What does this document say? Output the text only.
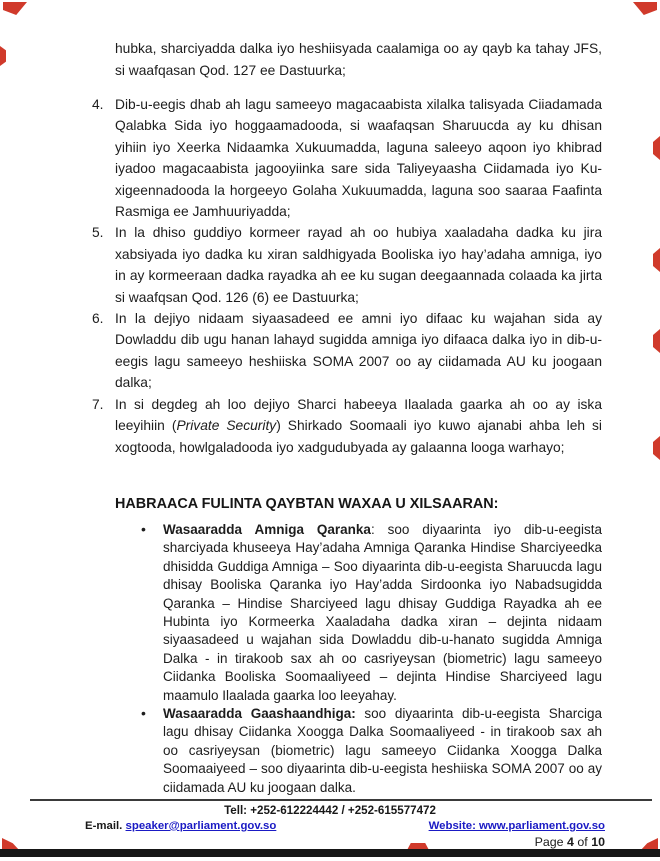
hubka, sharciyadda dalka iyo heshiisyada caalamiga oo ay qayb ka tahay JFS, si waafqasan Qod. 127 ee Dastuurka;

4. Dib-u-eegis dhab ah lagu sameeyo magacaabista xilalka talisyada Ciiadamada Qalabka Sida iyo hoggaamadooda, si waafaqsan Sharuucda ay ku dhisan yihiin iyo Xeerka Nidaamka Xukuumadda, laguna saleeyo aqoon iyo khibrad iyadoo magacaabista jagooyiinka sare sida Taliyeyaasha Ciidamada iyo Ku-xigeennadooda la horgeeyo Golaha Xukuumadda, laguna soo saaraa Faafinta Rasmiga ee Jamhuuriyadda;
5. In la dhiso guddiyo kormeer rayad ah oo hubiya xaaladaha dadka ku jira xabsiyada iyo dadka ku xiran saldhigyada Booliska iyo hay’adaha amniga, iyo in ay kormeeraan dadka rayadka ah ee ku sugan deegaannada colaada ka jirta si waafqsan Qod. 126 (6) ee Dastuurka;
6. In la dejiyo nidaam siyaasadeed ee amni iyo difaac ku wajahan sida ay Dowladdu dib ugu hanan lahayd sugidda amniga iyo difaaca dalka iyo in dib-u-eegis lagu sameeyo heshiiska SOMA 2007 oo ay ciidamada AU ku joogaan dalka;
7. In si degdeg ah loo dejiyo Sharci habeeya Ilaalada gaarka ah oo ay iska leeyihiin (Private Security) Shirkado Soomaali iyo kuwo ajanabi ahba leh si xogtooda, howlgaladooda iyo xadgudubyada ay galaanna looga warhayo;
HABRAACA FULINTA QAYBTAN WAXAA U XILSAARAN:
• Wasaaradda Amniga Qaranka: soo diyaarinta iyo dib-u-eegista sharciyada khuseeya Hay’adaha Amniga Qaranka Hindise Sharciyeedka dhisidda Guddiga Amniga – Soo diyaarinta dib-u-eegista Sharuucda lagu dhisay Booliska Qaranka iyo Hay’adda Sirdoonka iyo Nabadsugidda Qaranka – Hindise Sharciyeed lagu dhisay Guddiga Rayadka ah ee Hubinta iyo Kormeerka Xaaladaha dadka xiran – dejinta nidaam siyaasadeed u wajahan sida Dowladdu dib-u-hanato sugidda Amniga Dalka - in tirakoob sax ah oo casriyeysan (biometric) lagu sameeyo Ciidanka Booliska Soomaaliyeed – dejinta Hindise Sharciyeed lagu maamulo Ilaalada gaarka loo leeyahay.
• Wasaaradda Gaashaandhiga: soo diyaarinta dib-u-eegista Sharciga lagu dhisay Ciidanka Xoogga Dalka Soomaaliyeed - in tirakoob sax ah oo casriyeysan (biometric) lagu sameeyo Ciidanka Xoogga Dalka Soomaaiyeed – soo diyaarinta dib-u-eegista heshiiska SOMA 2007 oo ay ciidamada AU ku joogaan dalka.
Tell: +252-612224442 / +252-615577472
E-mail. speaker@parliament.gov.so	Website: www.parliament.gov.so
Page 4 of 10
